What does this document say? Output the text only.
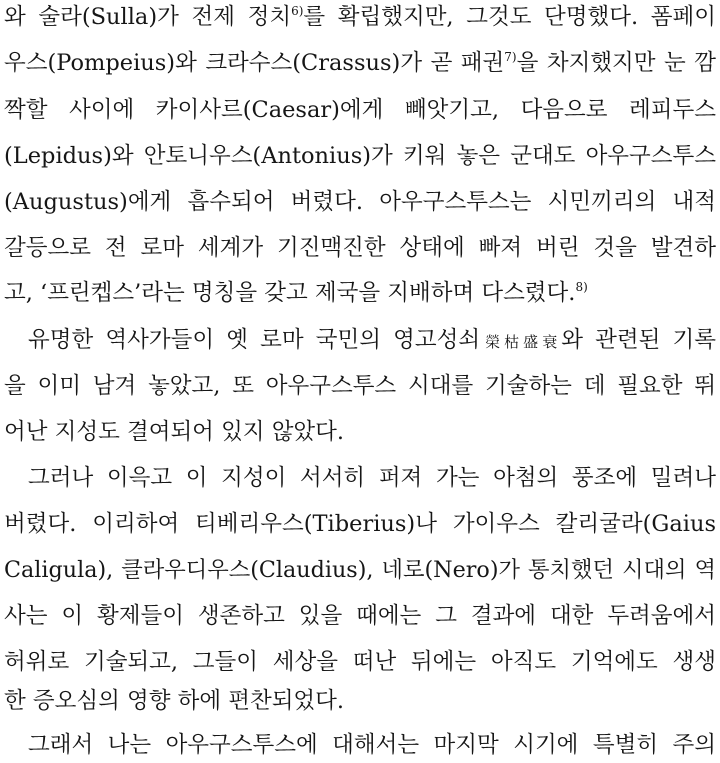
와 술라(Sulla)가 전제 정치$^{6)}$를 확립했지만, 그것도 단명했다. 폼페이
우스(Pompeius)와 크라수스(Crassus)가 곧 패권$^{7)}$을 차지했지만 눈 깜
짝할 사이에 카이사르(Caesar)에게 빼앗기고, 다음으로 레피두스
(Lepidus)와 안토니우스(Antonius)가 키워 놓은 군대도 아우구스투스
(Augustus)에게 흡수되어 버렸다. 아우구스투스는 시민끼리의 내적
갈등으로 전 로마 세계가 기진맥진한 상태에 빠져 버린 것을 발견하
고, ‘프린켑스’라는 명칭을 갖고 제국을 지배하며 다스렸다.$^{8)}$
유명한 역사가들이 옛 로마 국민의 영고성쇠榮枯盛衰와 관련된 기록
을 이미 남겨 놓았고, 또 아우구스투스 시대를 기술하는 데 필요한 뛰
어난 지성도 결여되어 있지 않았다.
그러나 이윽고 이 지성이 서서히 퍼져 가는 아첨의 풍조에 밀려나
버렸다. 이리하여 티베리우스(Tiberius)나 가이우스 칼리굴라(Gaius
Caligula), 클라우디우스(Claudius), 네로(Nero)가 통치했던 시대의 역
사는 이 황제들이 생존하고 있을 때에는 그 결과에 대한 두려움에서
허위로 기술되고, 그들이 세상을 떠난 뒤에는 아직도 기억에도 생생
한 증오심의 영향 하에 편찬되었다.
그래서 나는 아우구스투스에 대해서는 마지막 시기에 특별히 주의
